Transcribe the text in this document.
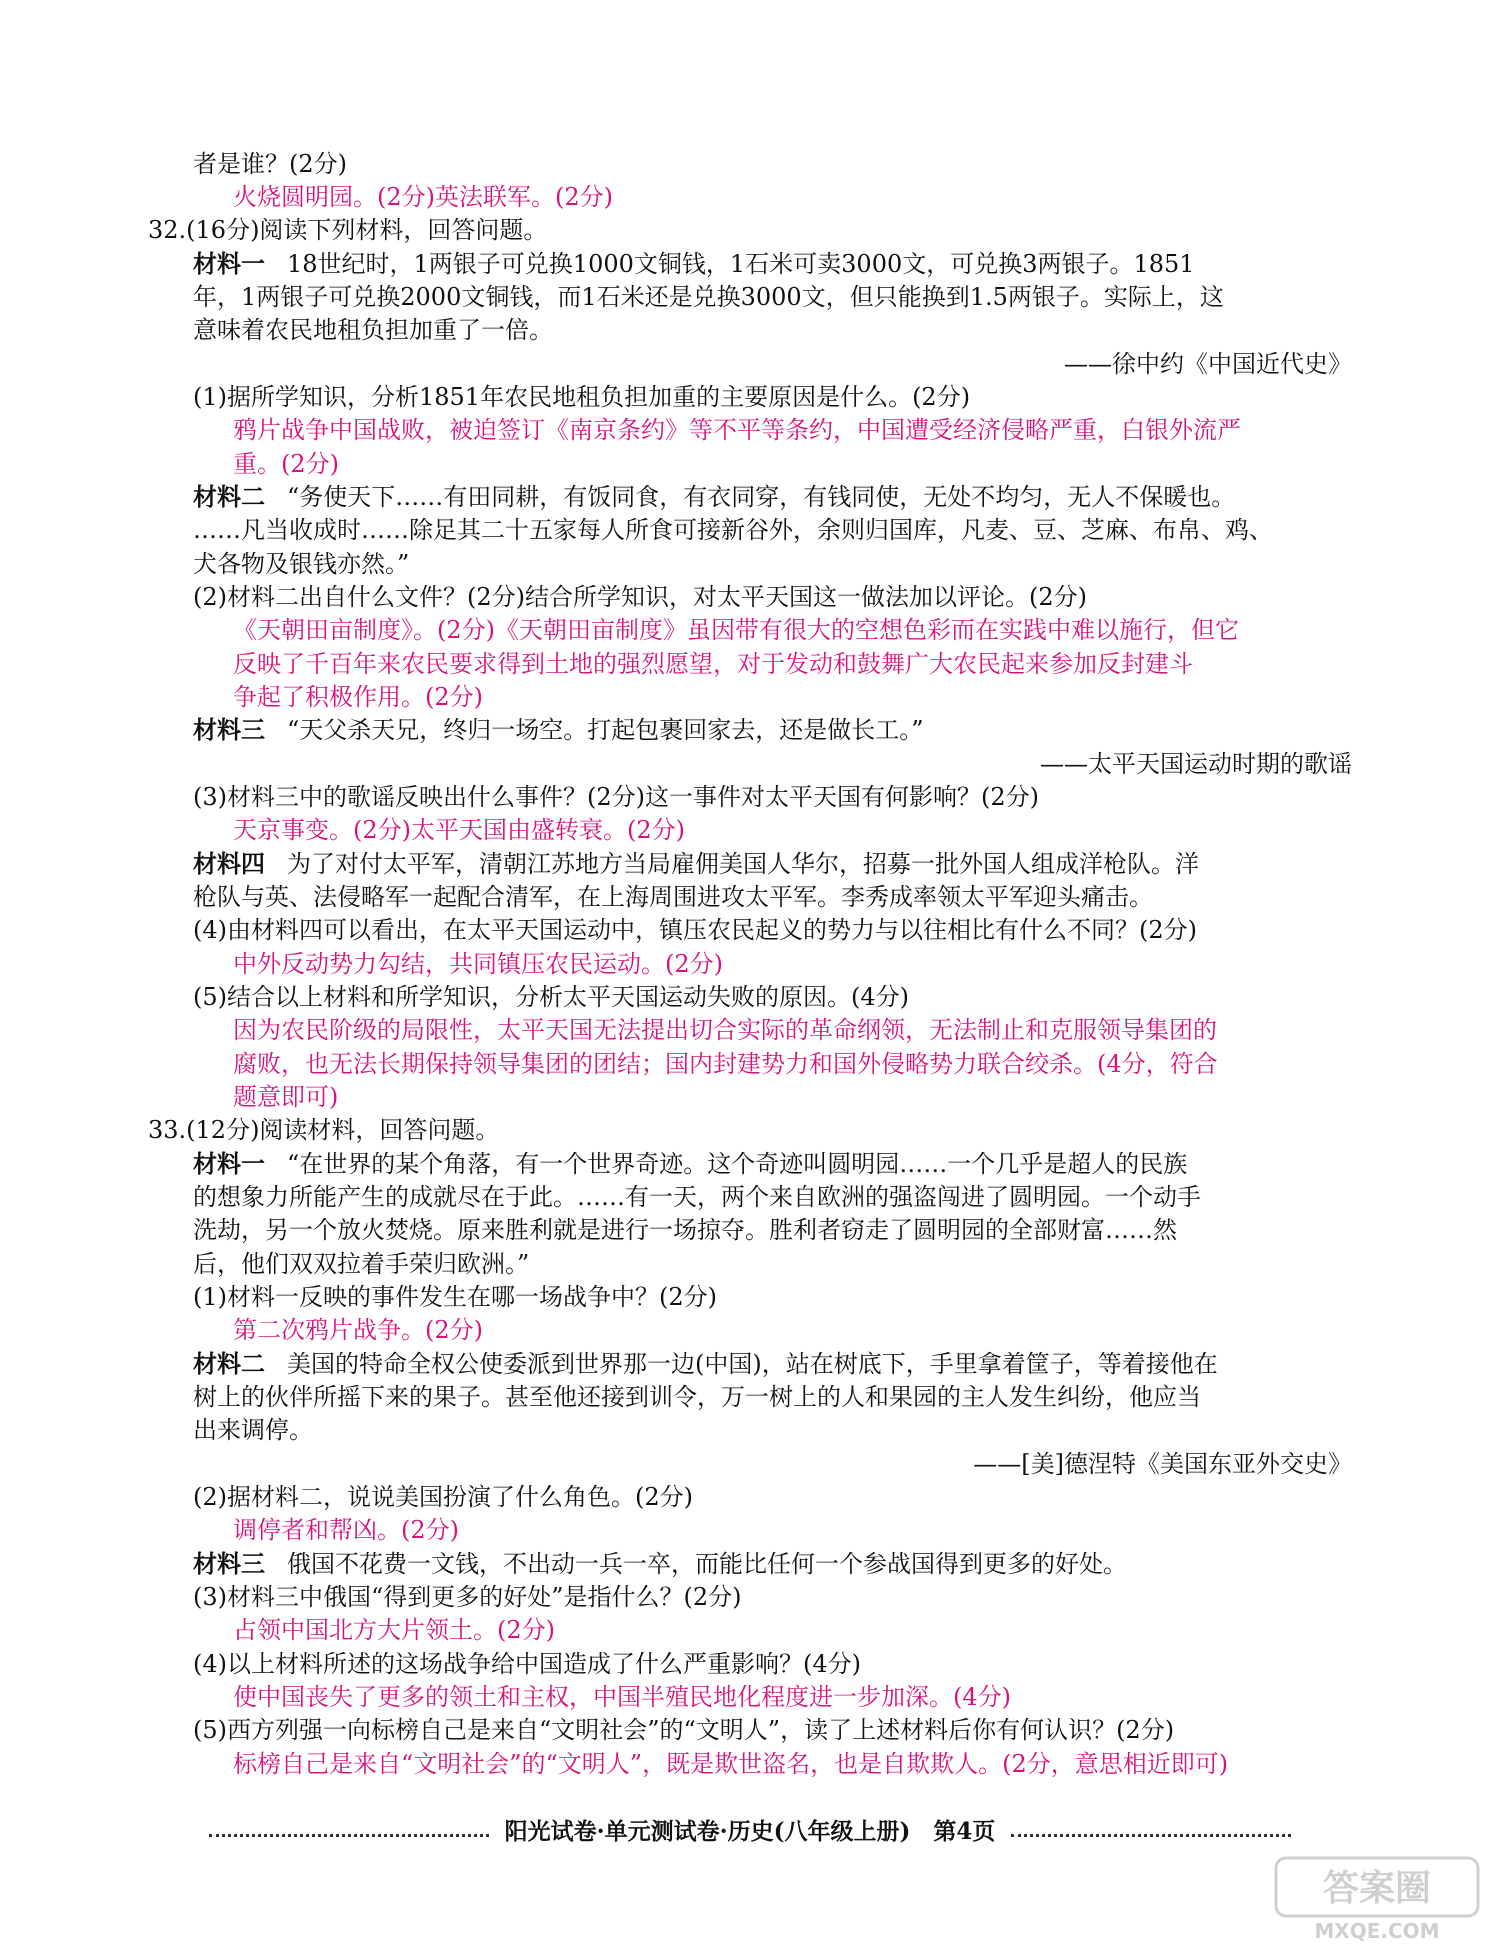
者是谁？(2分)
火烧圆明园。(2分)英法联军。(2分)
32.(16分)阅读下列材料，回答问题。
材料一 18世纪时，1两银子可兑换1000文铜钱，1石米可卖3000文，可兑换3两银子。1851
年，1两银子可兑换2000文铜钱，而1石米还是兑换3000文，但只能换到1.5两银子。实际上，这
意味着农民地租负担加重了一倍。
——徐中约《中国近代史》
(1)据所学知识，分析1851年农民地租负担加重的主要原因是什么。(2分)
鸦片战争中国战败，被迫签订《南京条约》等不平等条约，中国遭受经济侵略严重，白银外流严
重。(2分)
材料二 “务使天下……有田同耕，有饭同食，有衣同穿，有钱同使，无处不均匀，无人不保暖也。
……凡当收成时……除足其二十五家每人所食可接新谷外，余则归国库，凡麦、豆、芝麻、布帛、鸡、
犬各物及银钱亦然。”
(2)材料二出自什么文件？(2分)结合所学知识，对太平天国这一做法加以评论。(2分)
《天朝田亩制度》。(2分)《天朝田亩制度》虽因带有很大的空想色彩而在实践中难以施行，但它
反映了千百年来农民要求得到土地的强烈愿望，对于发动和鼓舞广大农民起来参加反封建斗
争起了积极作用。(2分)
材料三 “天父杀天兄，终归一场空。打起包裹回家去，还是做长工。”
——太平天国运动时期的歌谣
(3)材料三中的歌谣反映出什么事件？(2分)这一事件对太平天国有何影响？(2分)
天京事变。(2分)太平天国由盛转衰。(2分)
材料四 为了对付太平军，清朝江苏地方当局雇佣美国人华尔，招募一批外国人组成洋枪队。洋
枪队与英、法侵略军一起配合清军，在上海周围进攻太平军。李秀成率领太平军迎头痛击。
(4)由材料四可以看出，在太平天国运动中，镇压农民起义的势力与以往相比有什么不同？(2分)
中外反动势力勾结，共同镇压农民运动。(2分)
(5)结合以上材料和所学知识，分析太平天国运动失败的原因。(4分)
因为农民阶级的局限性，太平天国无法提出切合实际的革命纲领，无法制止和克服领导集团的
腐败，也无法长期保持领导集团的团结；国内封建势力和国外侵略势力联合绞杀。(4分，符合
题意即可)
33.(12分)阅读材料，回答问题。
材料一 “在世界的某个角落，有一个世界奇迹。这个奇迹叫圆明园……一个几乎是超人的民族
的想象力所能产生的成就尽在于此。……有一天，两个来自欧洲的强盗闯进了圆明园。一个动手
洗劫，另一个放火焚烧。原来胜利就是进行一场掠夺。胜利者窃走了圆明园的全部财富……然
后，他们双双拉着手荣归欧洲。”
(1)材料一反映的事件发生在哪一场战争中？(2分)
第二次鸦片战争。(2分)
材料二 美国的特命全权公使委派到世界那一边(中国)，站在树底下，手里拿着筐子，等着接他在
树上的伙伴所摇下来的果子。甚至他还接到训令，万一树上的人和果园的主人发生纠纷，他应当
出来调停。
——[美]德涅特《美国东亚外交史》
(2)据材料二，说说美国扮演了什么角色。(2分)
调停者和帮凶。(2分)
材料三 俄国不花费一文钱，不出动一兵一卒，而能比任何一个参战国得到更多的好处。
(3)材料三中俄国“得到更多的好处”是指什么？(2分)
占领中国北方大片领土。(2分)
(4)以上材料所述的这场战争给中国造成了什么严重影响？(4分)
使中国丧失了更多的领土和主权，中国半殖民地化程度进一步加深。(4分)
(5)西方列强一向标榜自己是来自“文明社会”的“文明人”，读了上述材料后你有何认识？(2分)
标榜自己是来自“文明社会”的“文明人”，既是欺世盗名，也是自欺欺人。(2分，意思相近即可)
阳光试卷·单元测试卷·历史(八年级上册)　第4页
答案圈
MXQE.COM
